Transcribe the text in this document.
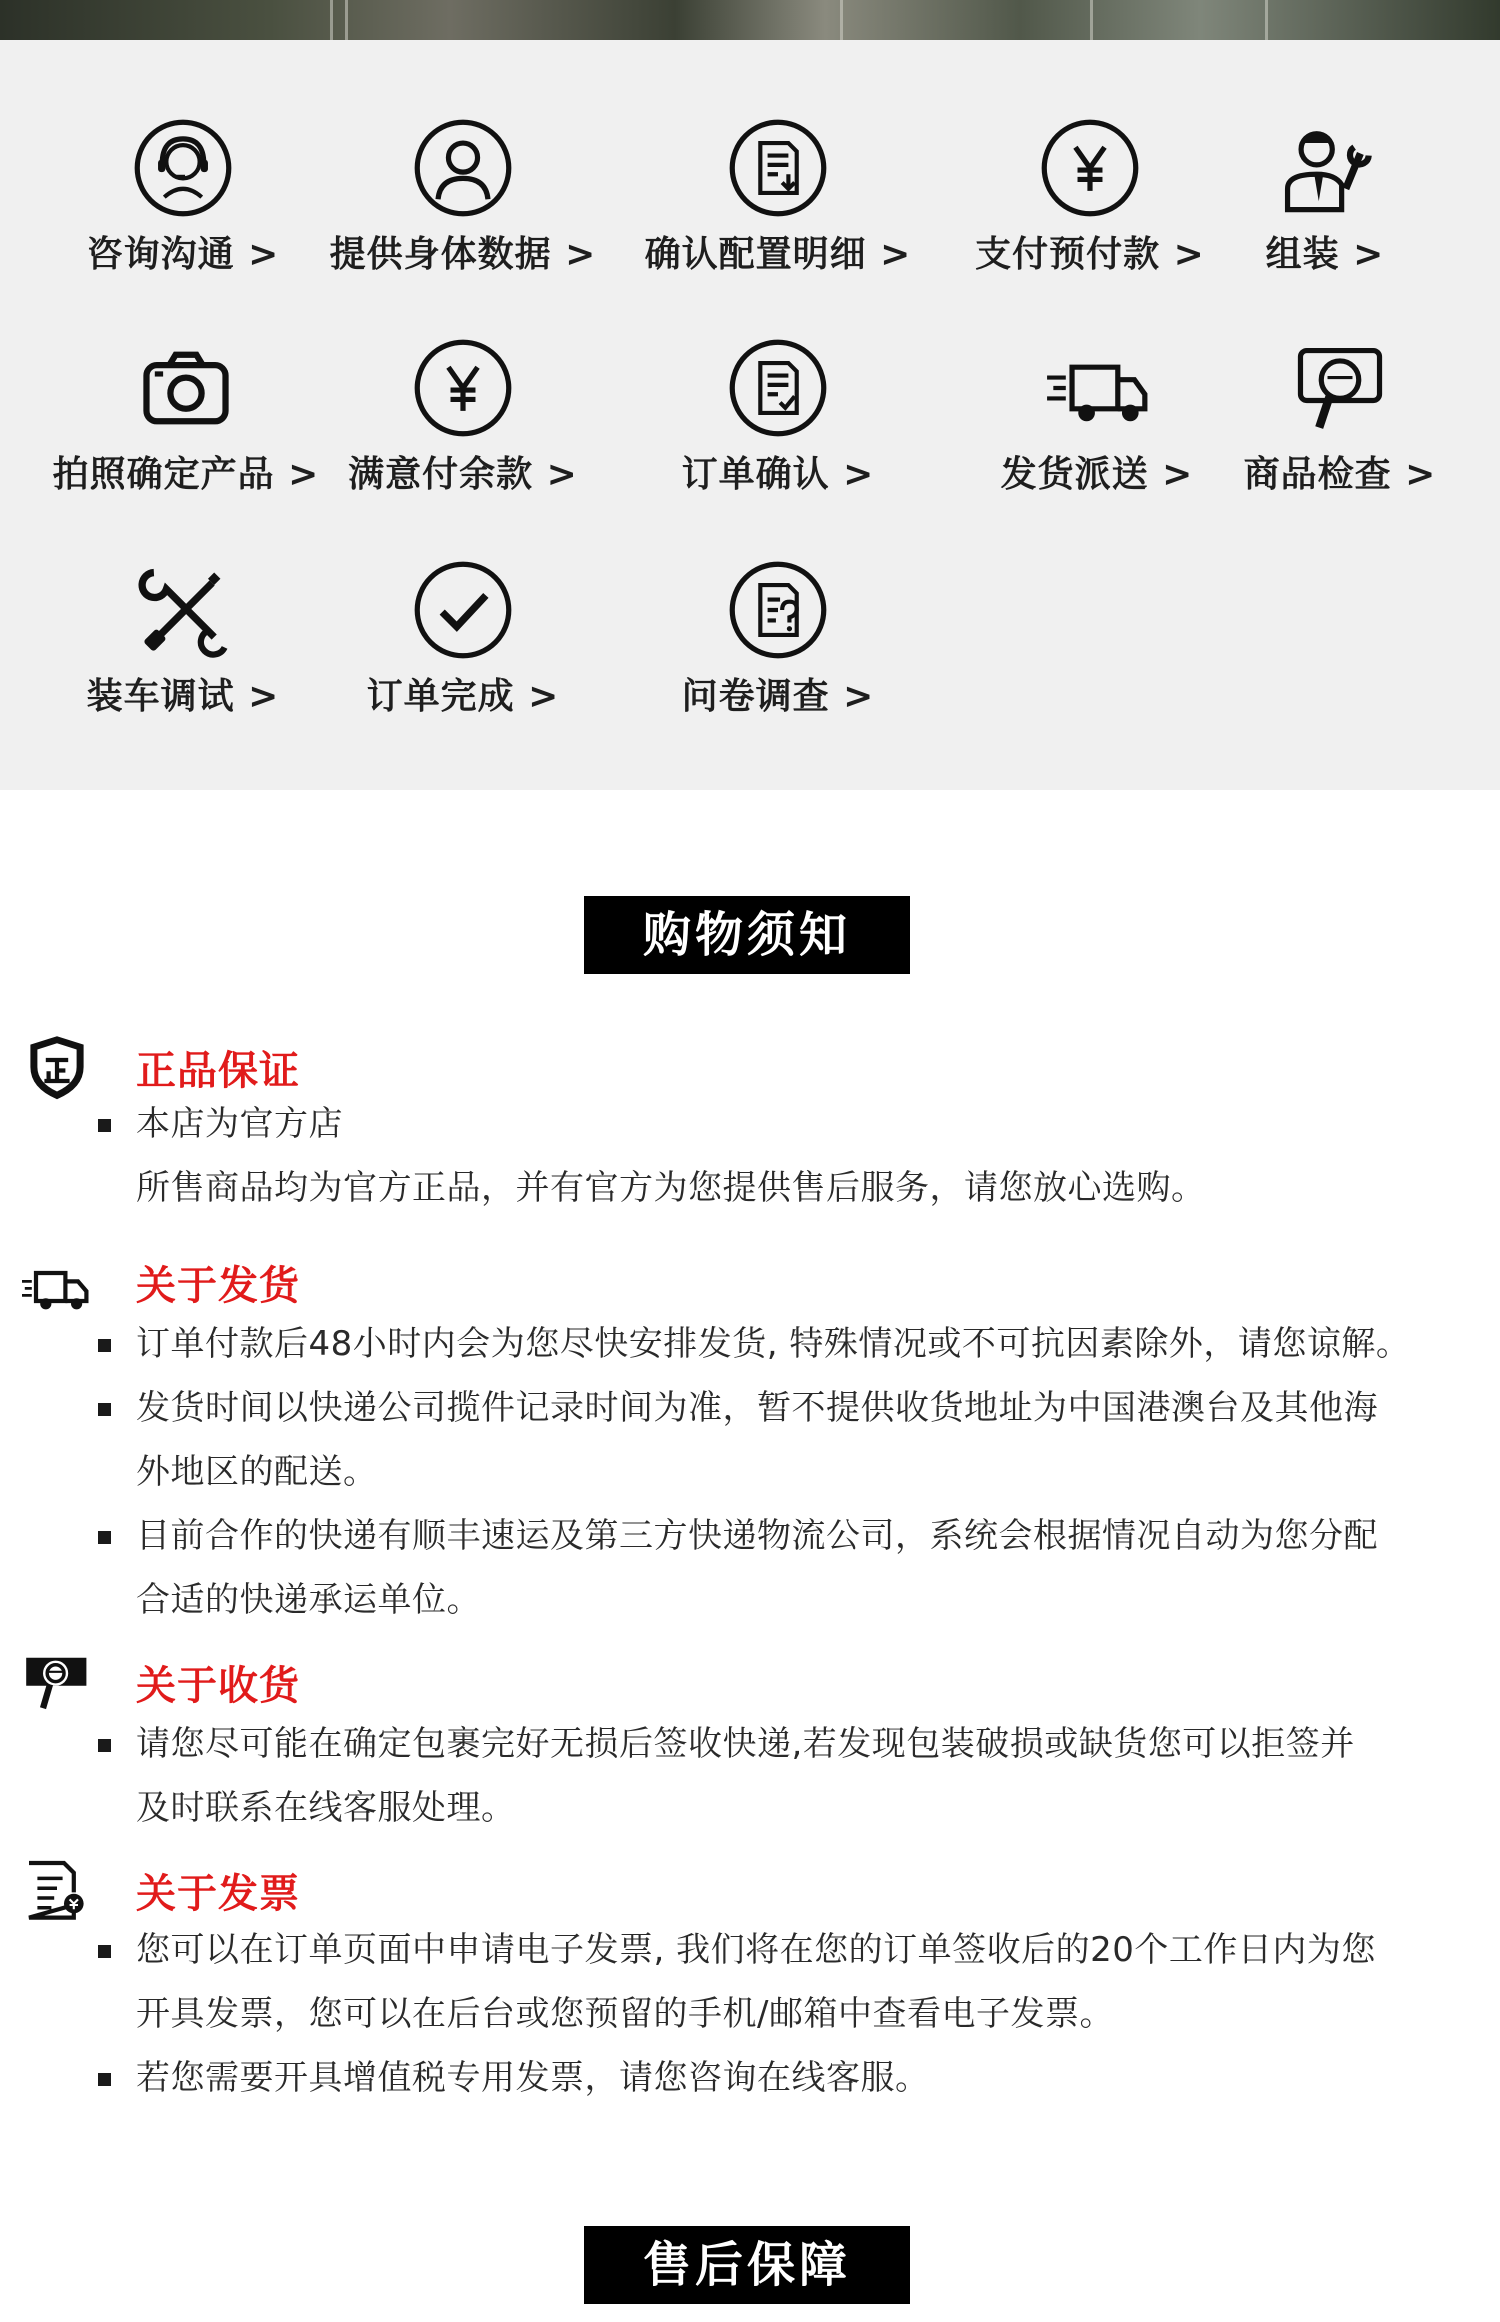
咨询沟通 >	提供身体数据 >	确认配置明细 >	支付预付款 >	组装 >
拍照确定产品 > 满意付余款 >	订单确认 >	发货派送 >	商品检查 >
装车调试 >	订单完成 >	问卷调查 >
购物须知
正品保证
本店为官方店
所售商品均为官方正品，并有官方为您提供售后服务，请您放心选购。
关于发货
订单付款后48小时内会为您尽快安排发货, 特殊情况或不可抗因素除外，请您谅解。
发货时间以快递公司揽件记录时间为准，暂不提供收货地址为中国港澳台及其他海
外地区的配送。
目前合作的快递有顺丰速运及第三方快递物流公司，系统会根据情况自动为您分配
合适的快递承运单位。
关于收货
请您尽可能在确定包裹完好无损后签收快递,若发现包装破损或缺货您可以拒签并
及时联系在线客服处理。
关于发票
您可以在订单页面中申请电子发票, 我们将在您的订单签收后的20个工作日内为您
开具发票，您可以在后台或您预留的手机/邮箱中查看电子发票。
若您需要开具增值税专用发票，请您咨询在线客服。
售后保障
